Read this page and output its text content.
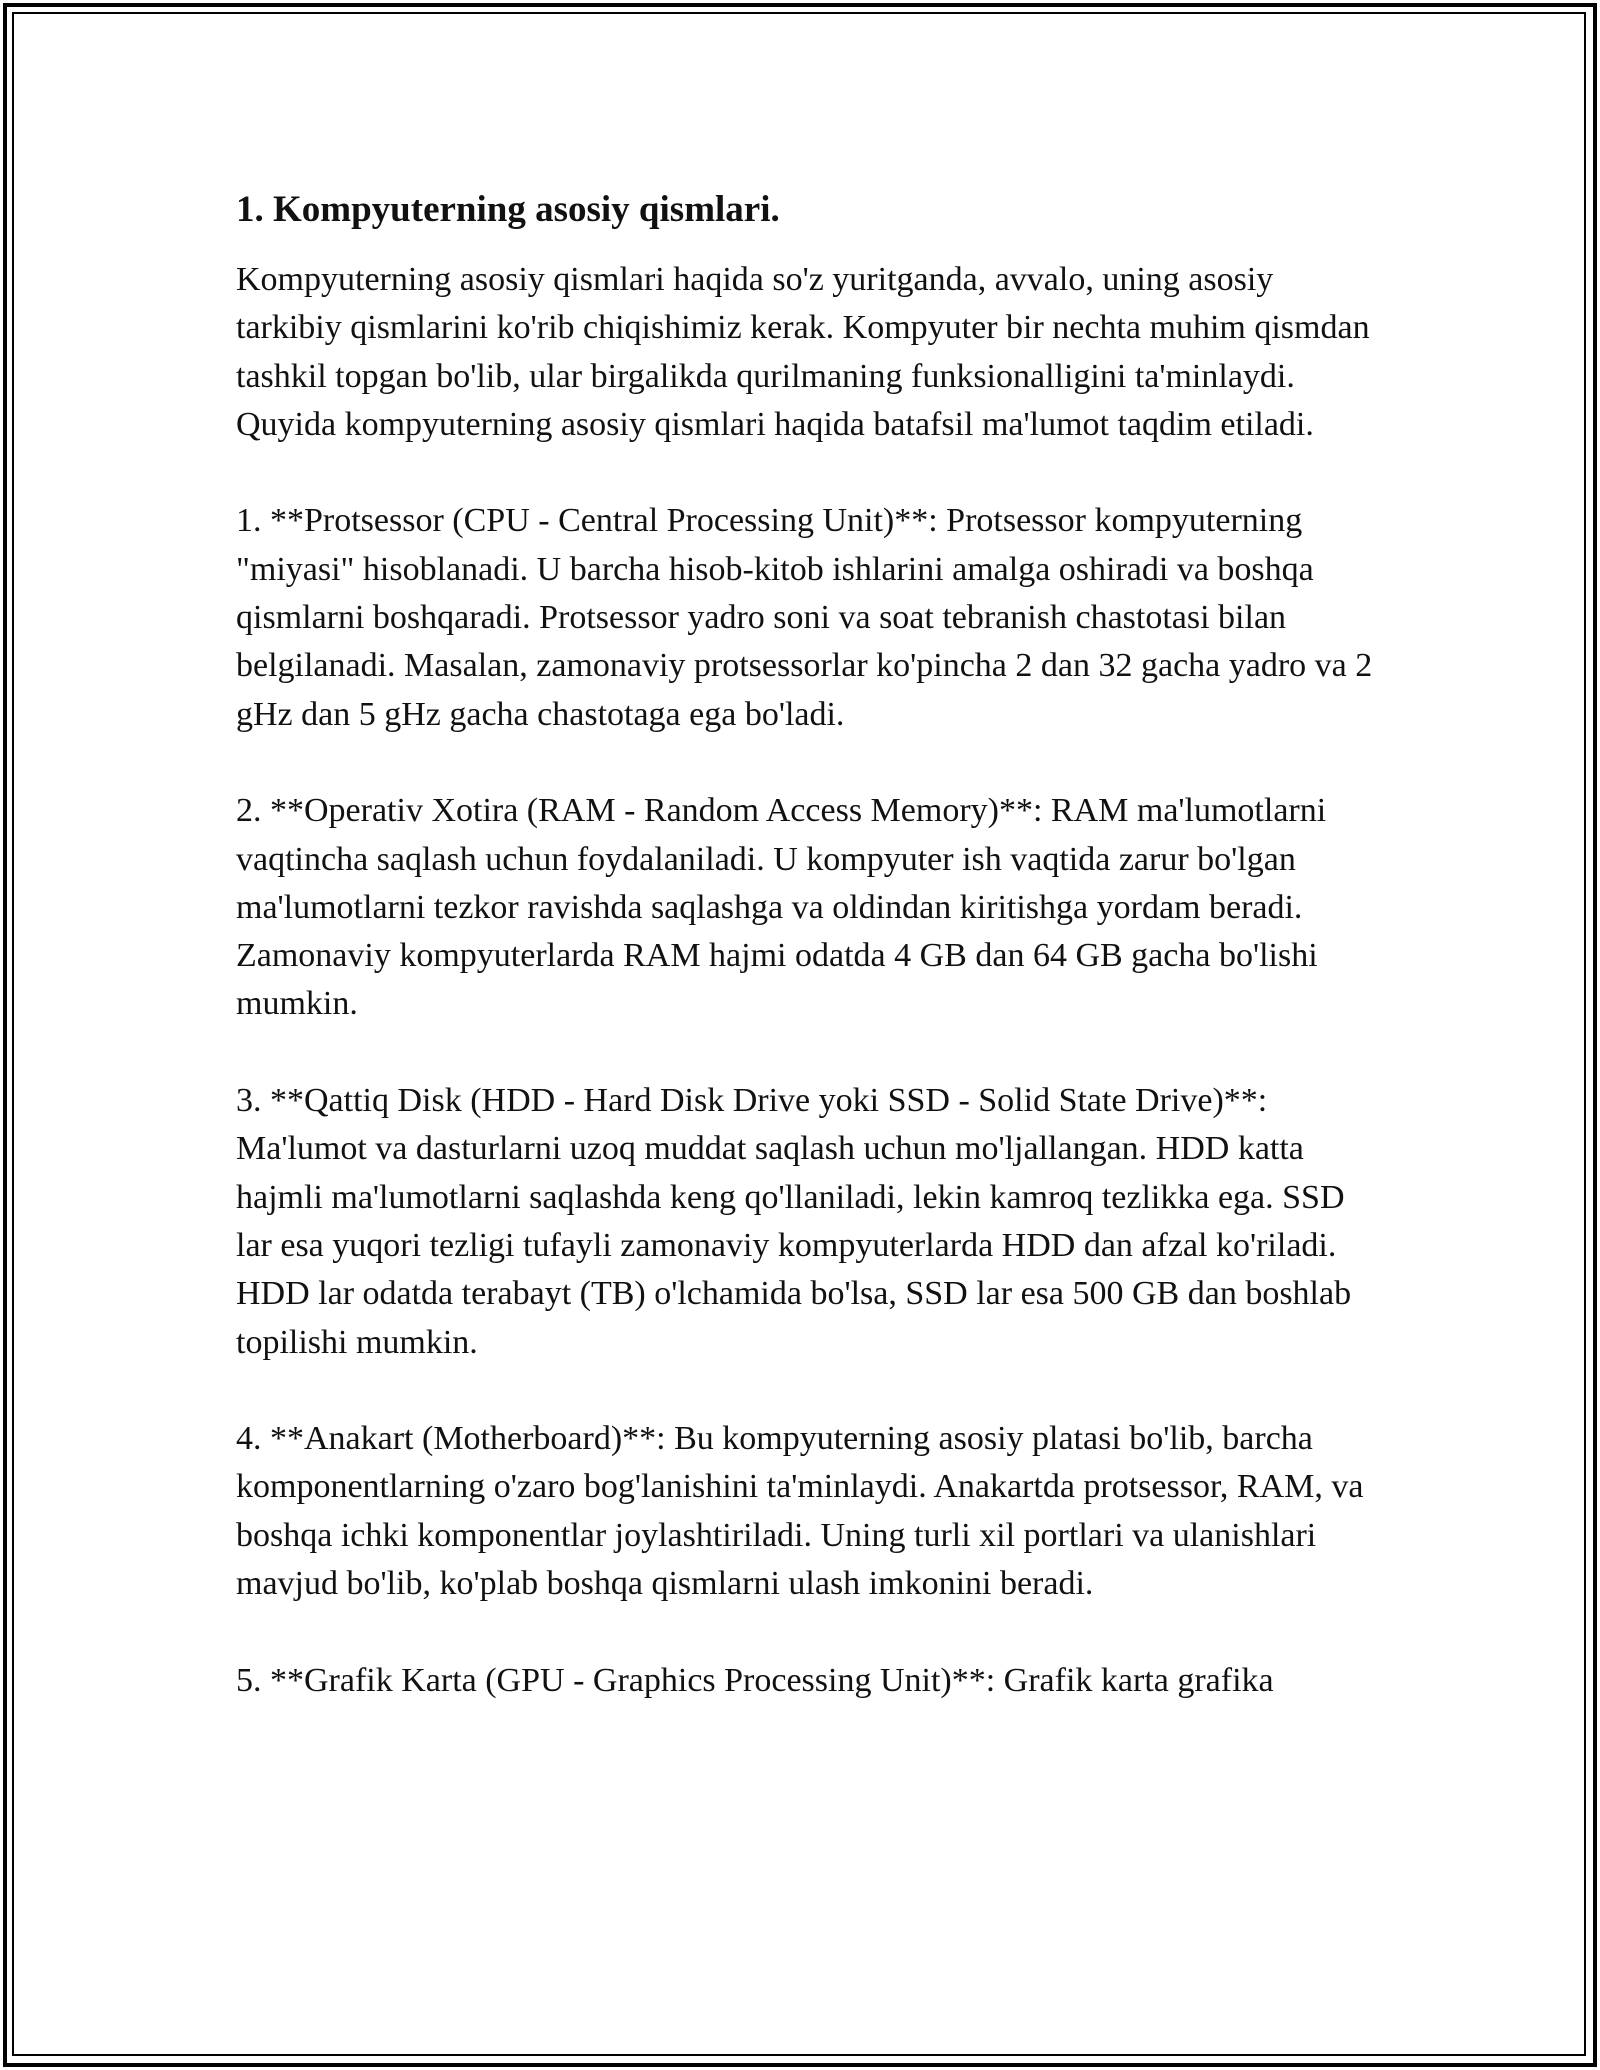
1. Kompyuterning asosiy qismlari.

Kompyuterning asosiy qismlari haqida so'z yuritganda, avvalo, uning asosiy tarkibiy qismlarini ko'rib chiqishimiz kerak. Kompyuter bir nechta muhim qismdan tashkil topgan bo'lib, ular birgalikda qurilmaning funksionalligini ta'minlaydi. Quyida kompyuterning asosiy qismlari haqida batafsil ma'lumot taqdim etiladi.

1. **Protsessor (CPU - Central Processing Unit)**: Protsessor kompyuterning "miyasi" hisoblanadi. U barcha hisob-kitob ishlarini amalga oshiradi va boshqa qismlarni boshqaradi. Protsessor yadro soni va soat tebranish chastotasi bilan belgilanadi. Masalan, zamonaviy protsessorlar ko'pincha 2 dan 32 gacha yadro va 2 gHz dan 5 gHz gacha chastotaga ega bo'ladi.

2. **Operativ Xotira (RAM - Random Access Memory)**: RAM ma'lumotlarni vaqtincha saqlash uchun foydalaniladi. U kompyuter ish vaqtida zarur bo'lgan ma'lumotlarni tezkor ravishda saqlashga va oldindan kiritishga yordam beradi. Zamonaviy kompyuterlarda RAM hajmi odatda 4 GB dan 64 GB gacha bo'lishi mumkin.

3. **Qattiq Disk (HDD - Hard Disk Drive yoki SSD - Solid State Drive)**: Ma'lumot va dasturlarni uzoq muddat saqlash uchun mo'ljallangan. HDD katta hajmli ma'lumotlarni saqlashda keng qo'llaniladi, lekin kamroq tezlikka ega. SSD lar esa yuqori tezligi tufayli zamonaviy kompyuterlarda HDD dan afzal ko'riladi. HDD lar odatda terabayt (TB) o'lchamida bo'lsa, SSD lar esa 500 GB dan boshlab topilishi mumkin.

4. **Anakart (Motherboard)**: Bu kompyuterning asosiy platasi bo'lib, barcha komponentlarning o'zaro bog'lanishini ta'minlaydi. Anakartda protsessor, RAM, va boshqa ichki komponentlar joylashtiriladi. Uning turli xil portlari va ulanishlari mavjud bo'lib, ko'plab boshqa qismlarni ulash imkonini beradi.

5. **Grafik Karta (GPU - Graphics Processing Unit)**: Grafik karta grafika
